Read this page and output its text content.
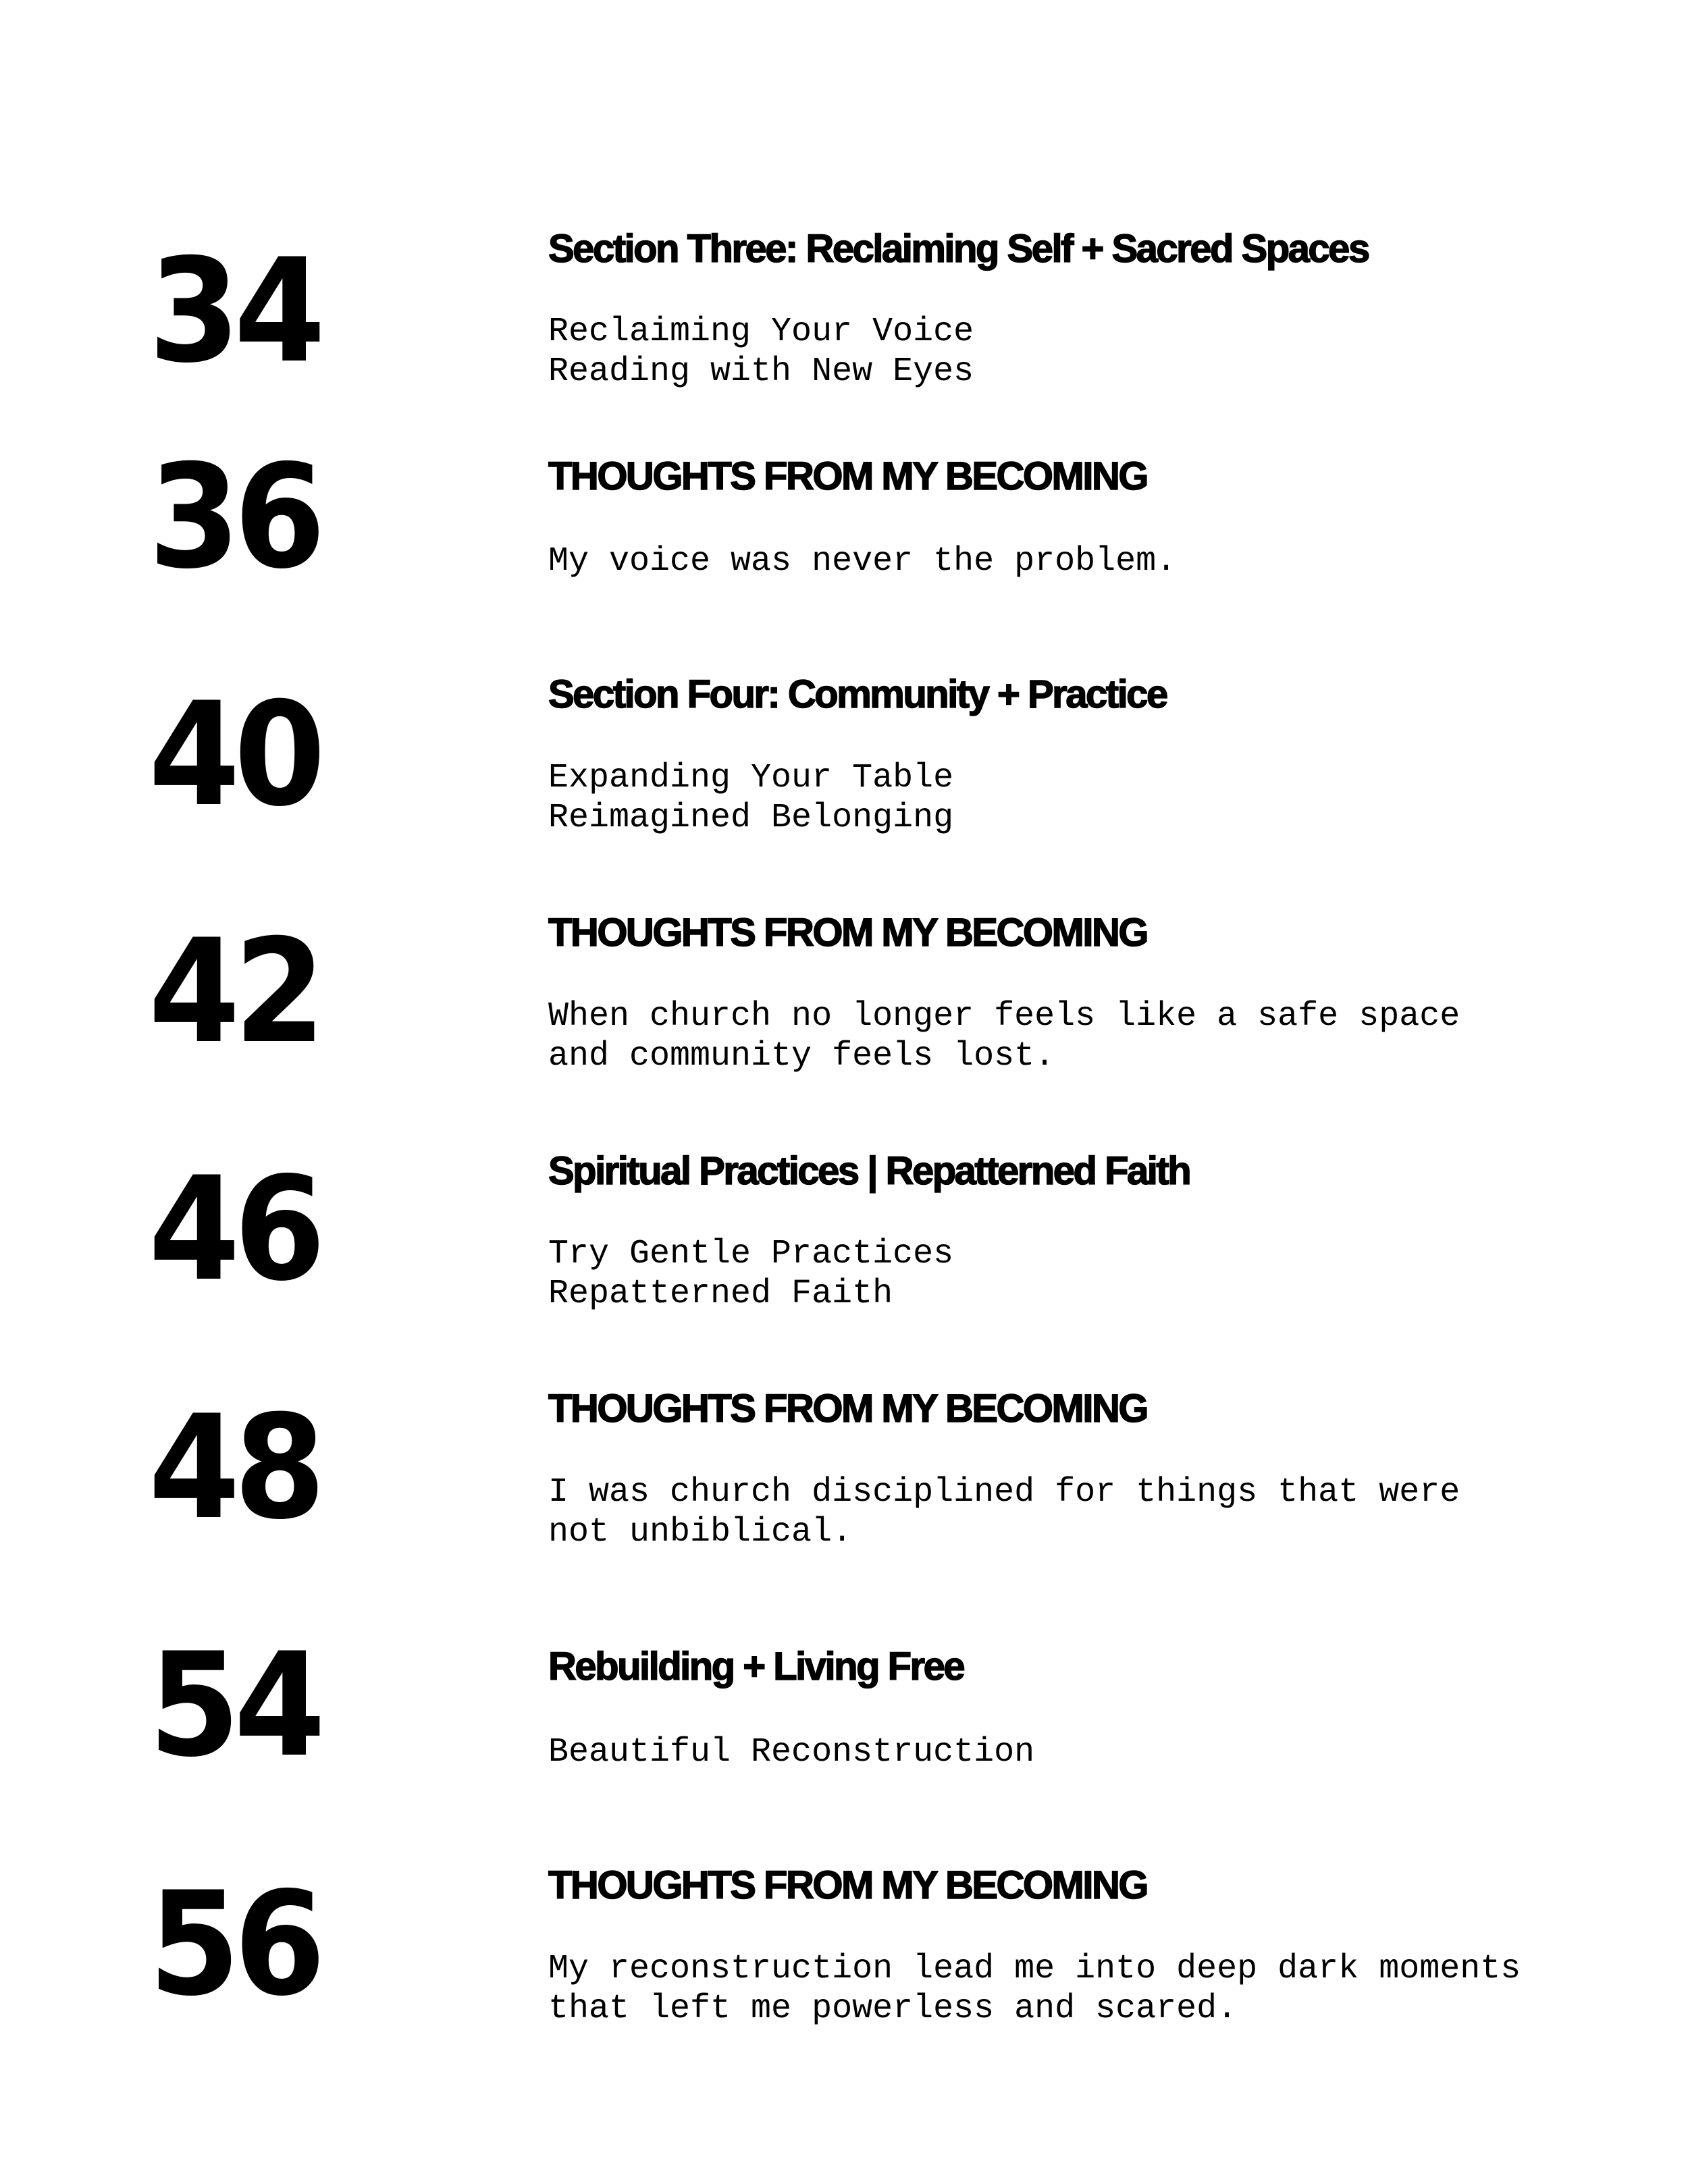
34	Section Three: Reclaiming Self + Sacred Spaces
Reclaiming Your Voice
Reading with New Eyes
36	THOUGHTS FROM MY BECOMING
My voice was never the problem.
40	Section Four: Community + Practice
Expanding Your Table
Reimagined Belonging
42	THOUGHTS FROM MY BECOMING
When church no longer feels like a safe space
and community feels lost.
46	Spiritual Practices | Repatterned Faith
Try Gentle Practices
Repatterned Faith
48	THOUGHTS FROM MY BECOMING
I was church disciplined for things that were
not unbiblical.
54	Rebuilding + Living Free
Beautiful Reconstruction
56	THOUGHTS FROM MY BECOMING
My reconstruction lead me into deep dark moments
that left me powerless and scared.
